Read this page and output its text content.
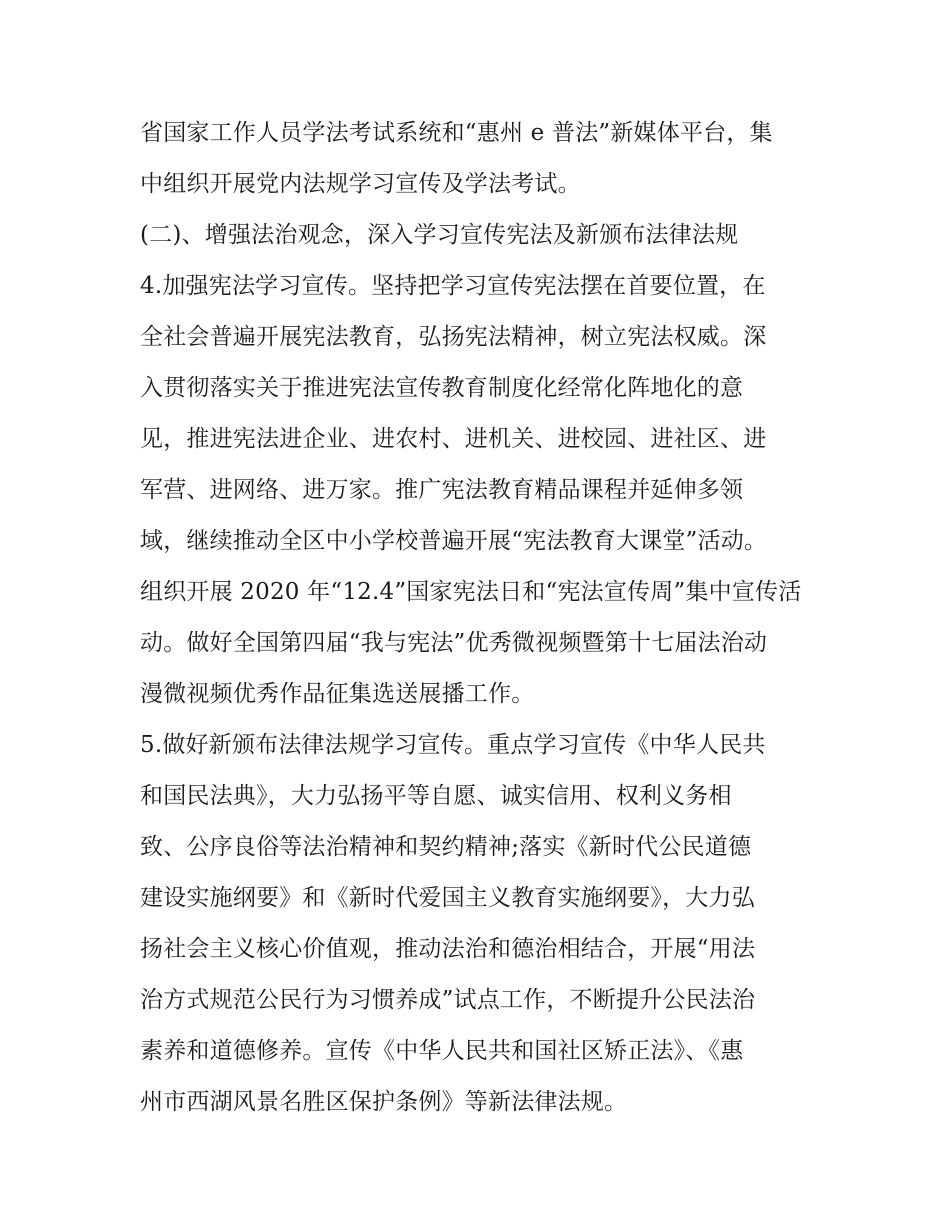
省国家工作人员学法考试系统和“惠州 e 普法”新媒体平台，集
中组织开展党内法规学习宣传及学法考试。
(二)、增强法治观念，深入学习宣传宪法及新颁布法律法规
4.加强宪法学习宣传。坚持把学习宣传宪法摆在首要位置，在
全社会普遍开展宪法教育，弘扬宪法精神，树立宪法权威。深
入贯彻落实关于推进宪法宣传教育制度化经常化阵地化的意
见，推进宪法进企业、进农村、进机关、进校园、进社区、进
军营、进网络、进万家。推广宪法教育精品课程并延伸多领
域，继续推动全区中小学校普遍开展“宪法教育大课堂”活动。
组织开展 2020 年“12.4”国家宪法日和“宪法宣传周”集中宣传活
动。做好全国第四届“我与宪法”优秀微视频暨第十七届法治动
漫微视频优秀作品征集选送展播工作。
5.做好新颁布法律法规学习宣传。重点学习宣传《中华人民共
和国民法典》，大力弘扬平等自愿、诚实信用、权利义务相
致、公序良俗等法治精神和契约精神;落实《新时代公民道德
建设实施纲要》和《新时代爱国主义教育实施纲要》，大力弘
扬社会主义核心价值观，推动法治和德治相结合，开展“用法
治方式规范公民行为习惯养成”试点工作，不断提升公民法治
素养和道德修养。宣传《中华人民共和国社区矫正法》、《惠
州市西湖风景名胜区保护条例》等新法律法规。
